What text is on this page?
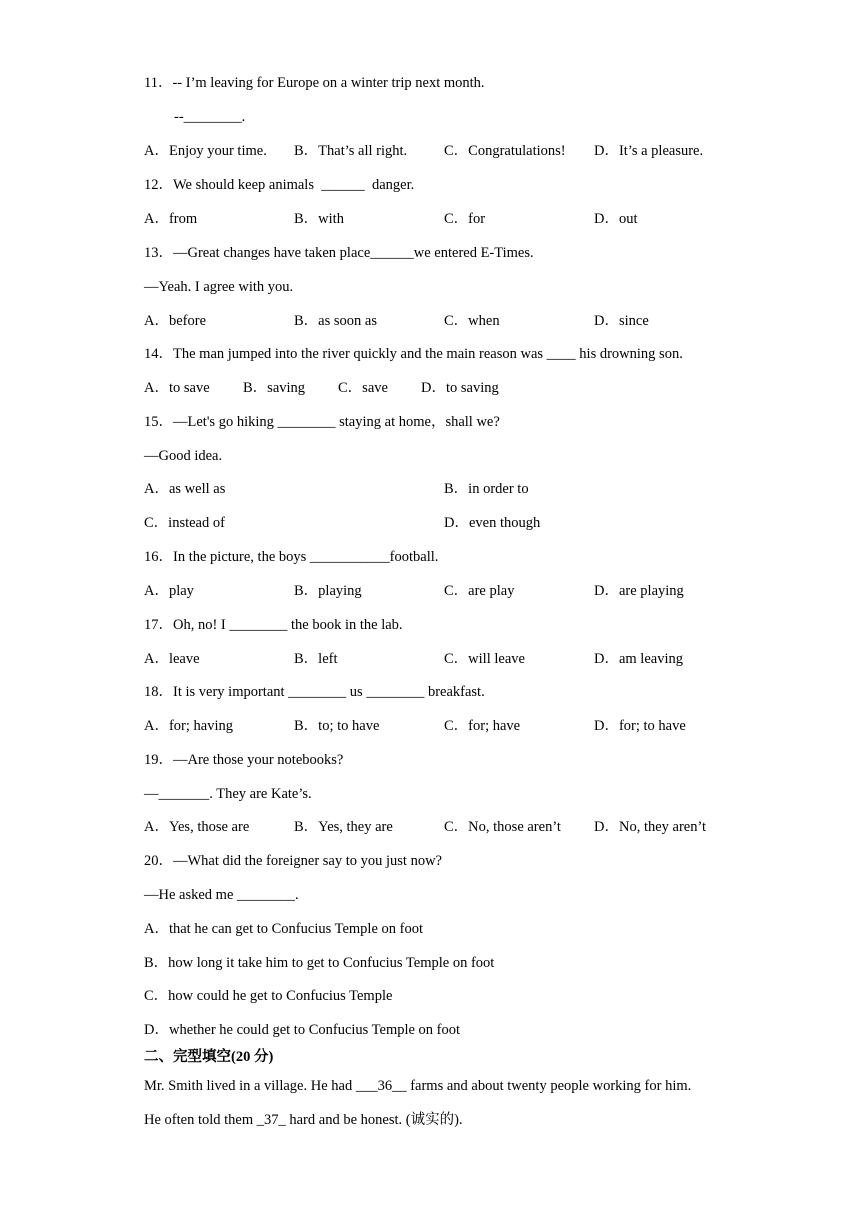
11．-- I’m leaving for Europe on a winter trip next month.
--________.
A．Enjoy your time. B．That’s all right.	C．Congratulations! D．It’s a pleasure.
12．We should keep animals  ______  danger.
A．from	B．with	C．for	D．out
13．—Great changes have taken place______we entered E-Times.
—Yeah. I agree with you.
A．before	B．as soon as	C．when	D．since
14．The man jumped into the river quickly and the main reason was ____ his drowning son.
A．to save B．saving C．save D．to saving
15．—Let's go hiking ________ staying at home，shall we?
—Good idea.
A．as well as	B．in order to
C．instead of	D．even though
16．In the picture, the boys ___________football.
A．play	B．playing	C．are play	D．are playing
17．Oh, no! I ________ the book in the lab.
A．leave	B．left	C．will leave	D．am leaving
18．It is very important ________ us ________ breakfast.
A．for; having	B．to; to have	C．for; have	D．for; to have
19．—Are those your notebooks?
—_______. They are Kate’s.
A．Yes, those are	B．Yes, they are	C．No, those aren’t D．No, they aren’t
20．—What did the foreigner say to you just now?
—He asked me ________.
A．that he can get to Confucius Temple on foot
B．how long it take him to get to Confucius Temple on foot
C．how could he get to Confucius Temple
D．whether he could get to Confucius Temple on foot
二、完型填空(20 分)
Mr. Smith lived in a village. He had ___36__ farms and about twenty people working for him.
He often told them _37_ hard and be honest. (诚实的).
